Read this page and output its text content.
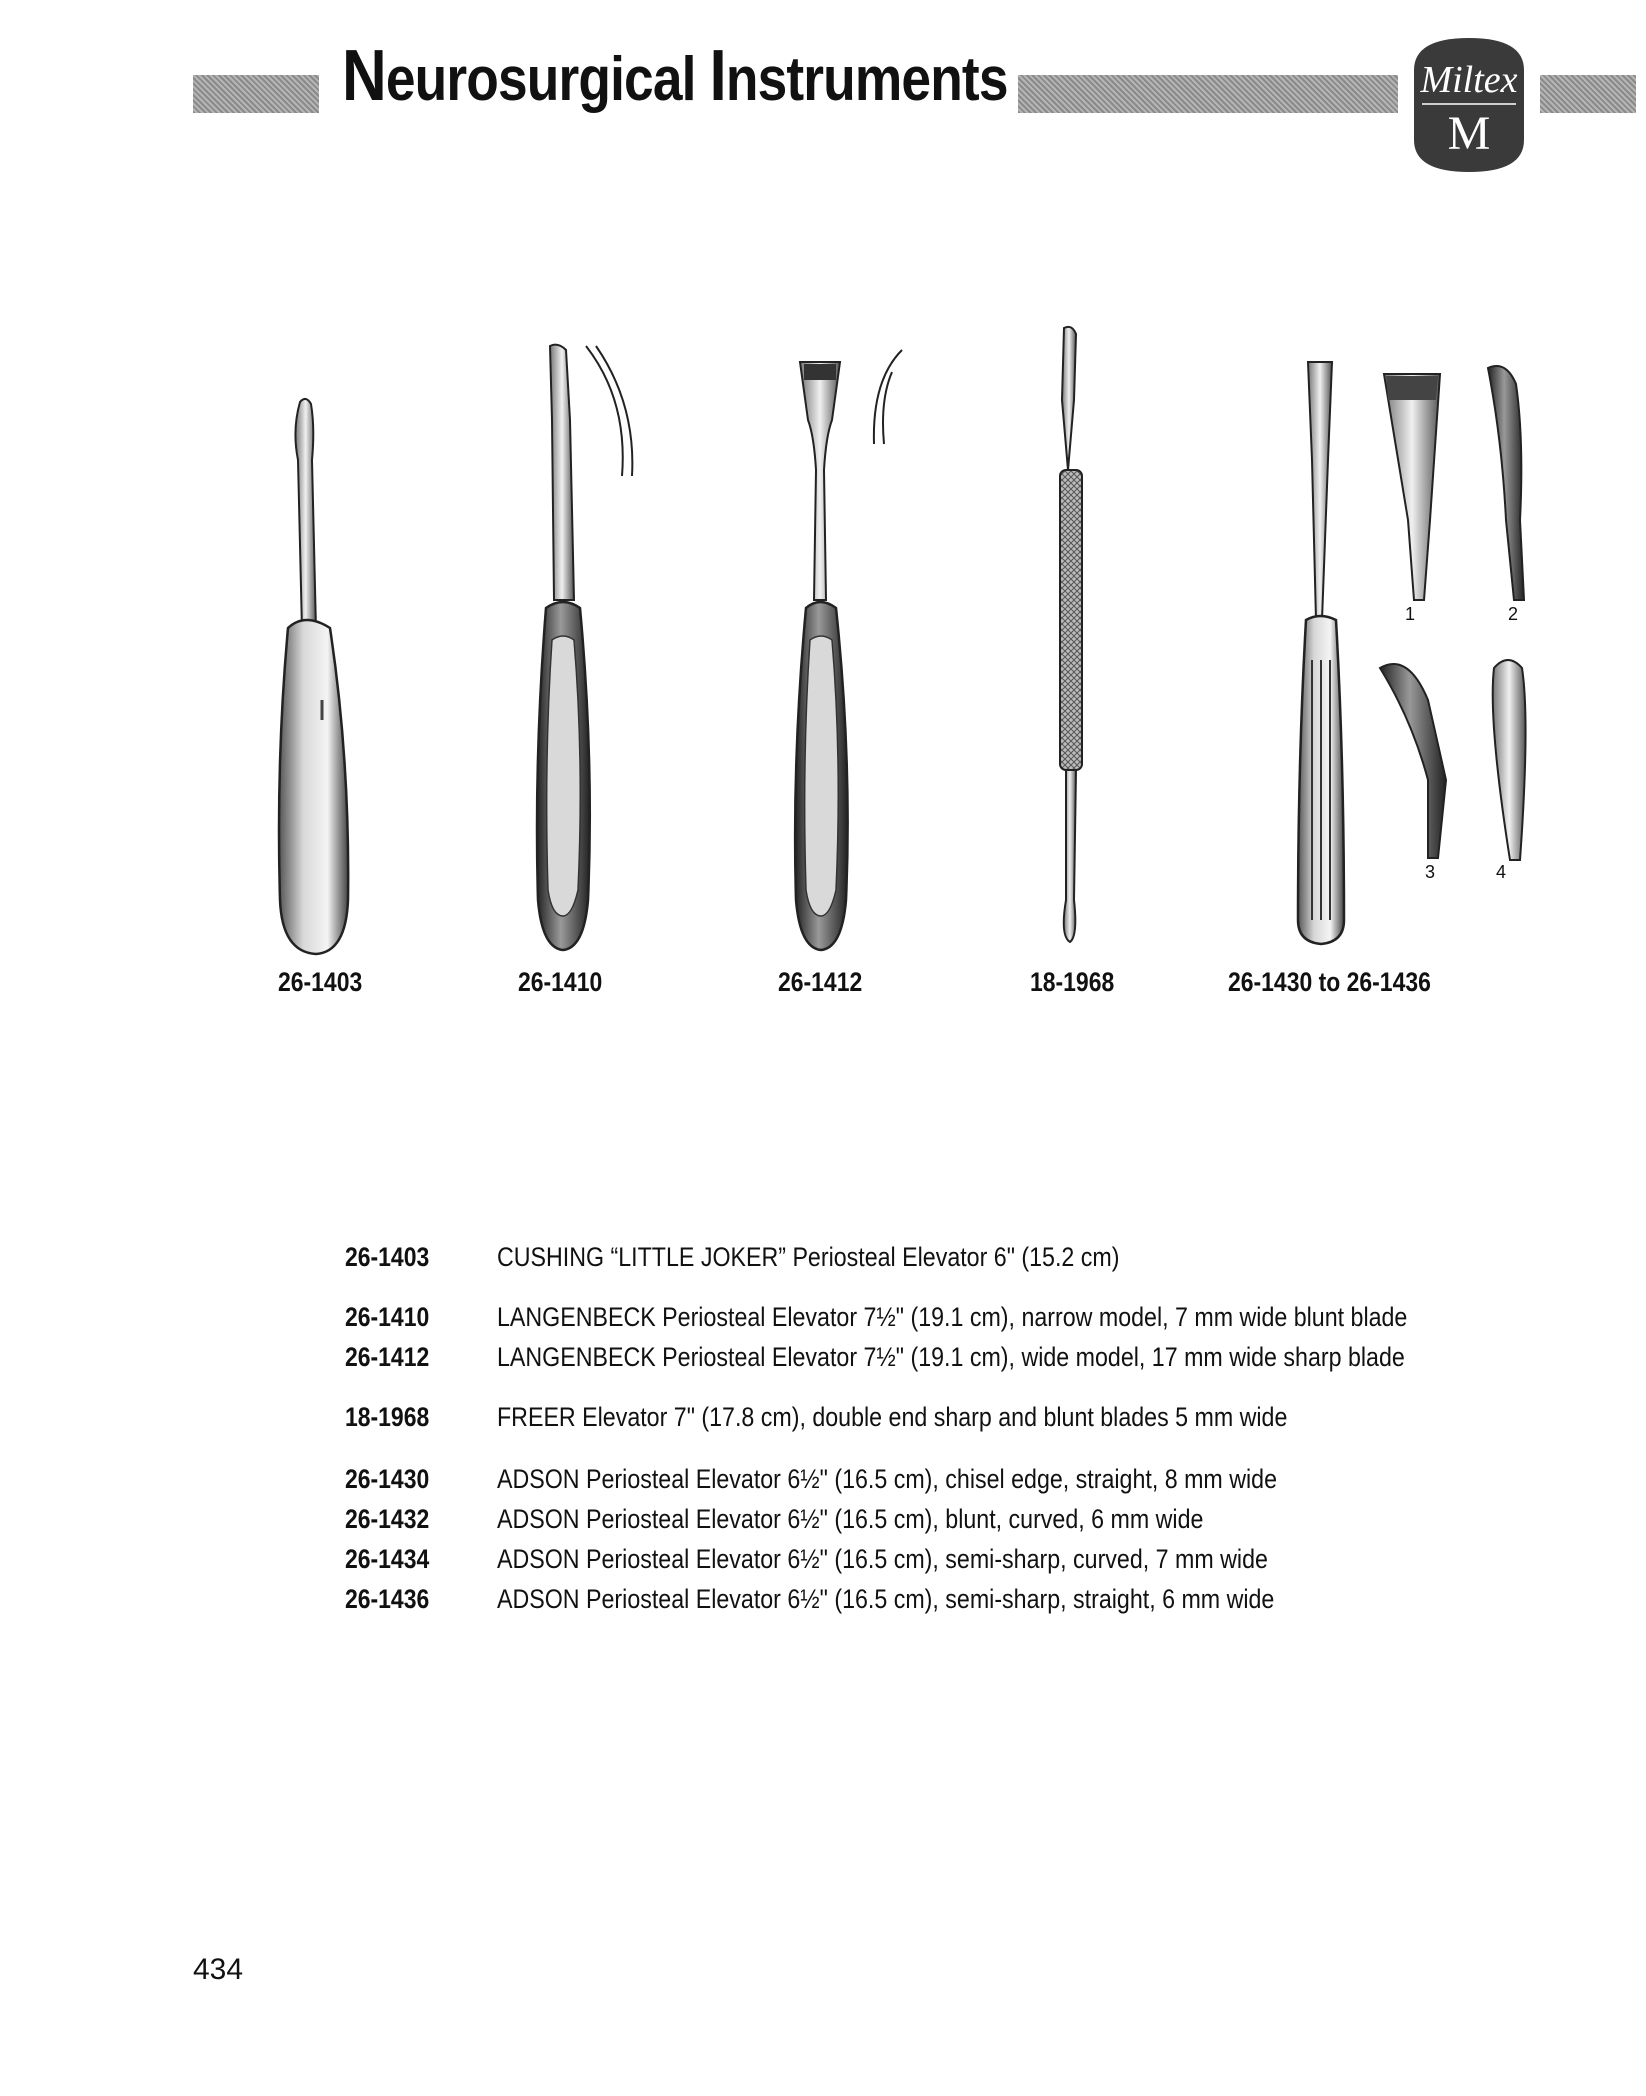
Neurosurgical Instruments	Miltex
M
26-1403	26-1410	26-1412	18-1968	26-1430 to 26-1436
1	2
3	4
26-1403	CUSHING “LITTLE JOKER” Periosteal Elevator 6" (15.2 cm)
26-1410	LANGENBECK Periosteal Elevator 7½" (19.1 cm), narrow model, 7 mm wide blunt blade
26-1412	LANGENBECK Periosteal Elevator 7½" (19.1 cm), wide model, 17 mm wide sharp blade
18-1968	FREER Elevator 7" (17.8 cm), double end sharp and blunt blades 5 mm wide
26-1430	ADSON Periosteal Elevator 6½" (16.5 cm), chisel edge, straight, 8 mm wide
26-1432	ADSON Periosteal Elevator 6½" (16.5 cm), blunt, curved, 6 mm wide
26-1434	ADSON Periosteal Elevator 6½" (16.5 cm), semi-sharp, curved, 7 mm wide
26-1436	ADSON Periosteal Elevator 6½" (16.5 cm), semi-sharp, straight, 6 mm wide
434
